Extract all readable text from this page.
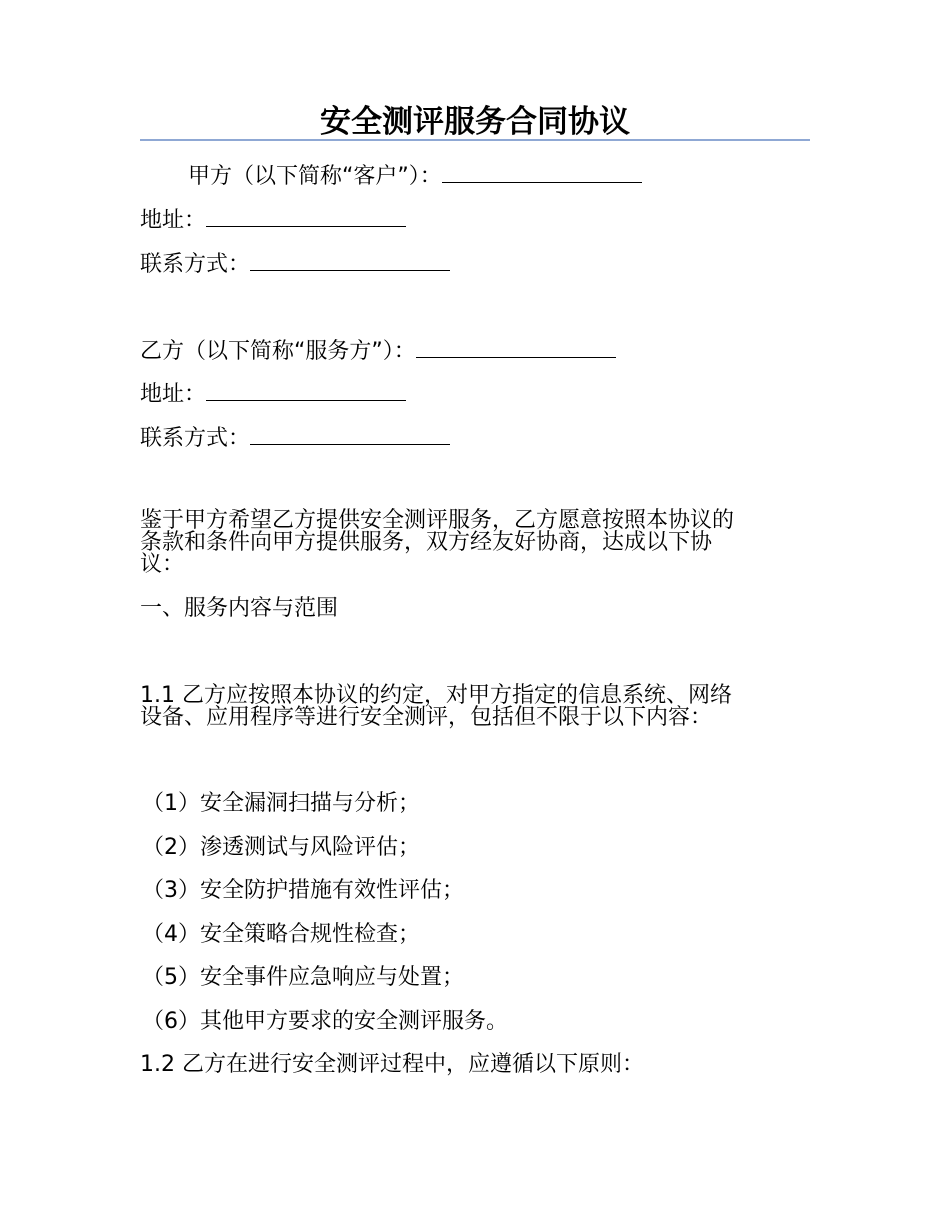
安全测评服务合同协议
甲方（以下简称“客户”）：
地址：
联系方式：
乙方（以下简称“服务方”）：
地址：
联系方式：
鉴于甲方希望乙方提供安全测评服务，乙方愿意按照本协议的
条款和条件向甲方提供服务，双方经友好协商，达成以下协
议：
一、服务内容与范围
1.1 乙方应按照本协议的约定，对甲方指定的信息系统、网络
设备、应用程序等进行安全测评，包括但不限于以下内容：
（1）安全漏洞扫描与分析；
（2）渗透测试与风险评估；
（3）安全防护措施有效性评估；
（4）安全策略合规性检查；
（5）安全事件应急响应与处置；
（6）其他甲方要求的安全测评服务。
1.2 乙方在进行安全测评过程中，应遵循以下原则：
